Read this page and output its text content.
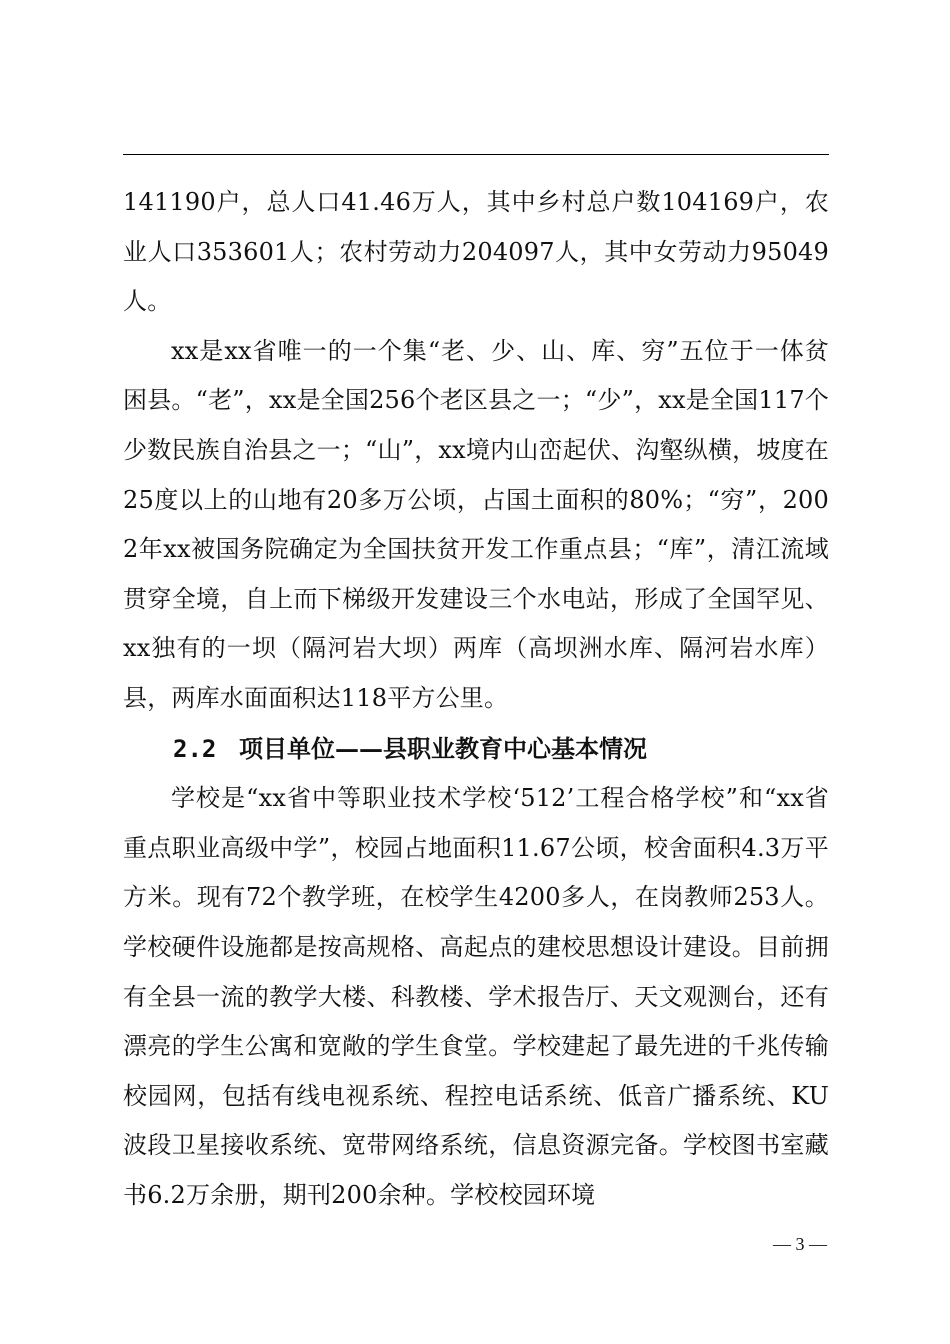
141190户，总人口41.46万人，其中乡村总户数104169户，农业人口353601人；农村劳动力204097人，其中女劳动力95049人。

xx是xx省唯一的一个集“老、少、山、库、穷”五位于一体贫困县。“老”，xx是全国256个老区县之一；“少”，xx是全国117个少数民族自治县之一；“山”，xx境内山峦起伏、沟壑纵横，坡度在25度以上的山地有20多万公顷，占国土面积的80%；“穷”，2002年xx被国务院确定为全国扶贫开发工作重点县；“库”，清江流域贯穿全境，自上而下梯级开发建设三个水电站，形成了全国罕见、xx独有的一坝（隔河岩大坝）两库（高坝洲水库、隔河岩水库）县，两库水面面积达118平方公里。

2.2 项目单位——县职业教育中心基本情况

学校是“xx省中等职业技术学校‘512’工程合格学校”和“xx省重点职业高级中学”，校园占地面积11.67公顷，校舍面积4.3万平方米。现有72个教学班，在校学生4200多人，在岗教师253人。学校硬件设施都是按高规格、高起点的建校思想设计建设。目前拥有全县一流的教学大楼、科教楼、学术报告厅、天文观测台，还有漂亮的学生公寓和宽敞的学生食堂。学校建起了最先进的千兆传输校园网，包括有线电视系统、程控电话系统、低音广播系统、KU波段卫星接收系统、宽带网络系统，信息资源完备。学校图书室藏书6.2万余册，期刊200余种。学校校园环境

— 3 —
